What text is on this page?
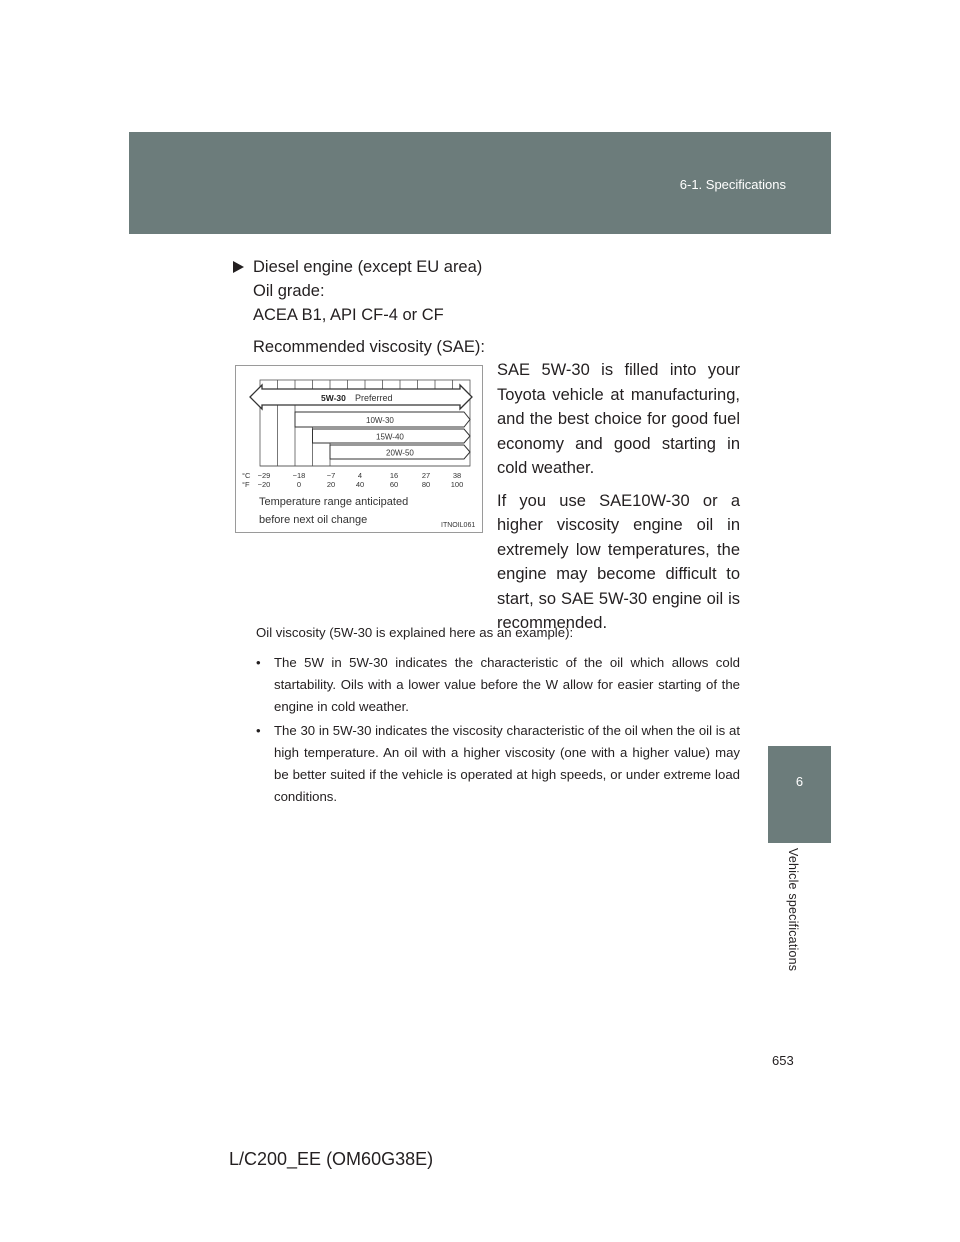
6-1. Specifications
6
Vehicle specifications
Diesel engine (except EU area)
Oil grade:
ACEA B1, API CF-4 or CF
Recommended viscosity (SAE):
5W-30 Preferred
10W-30
15W-40
20W-50
°C
°F
−29	−18	−7	4	16	27	38
−20	0	20	40	60	80	100
Temperature range anticipated
before next oil change	ITNOIL061

SAE 5W-30 is filled into your Toyota vehicle at manufacturing, and the best choice for good fuel economy and good starting in cold weather.

If you use SAE10W-30 or a higher viscosity engine oil in extremely low temperatures, the engine may become difficult to start, so SAE 5W-30 engine oil is recommended.

Oil viscosity (5W-30 is explained here as an example):

• The 5W in 5W-30 indicates the characteristic of the oil which allows cold startability. Oils with a lower value before the W allow for easier starting of the engine in cold weather.
• The 30 in 5W-30 indicates the viscosity characteristic of the oil when the oil is at high temperature. An oil with a higher viscosity (one with a higher value) may be better suited if the vehicle is operated at high speeds, or under extreme load conditions.
653
L/C200_EE (OM60G38E)
